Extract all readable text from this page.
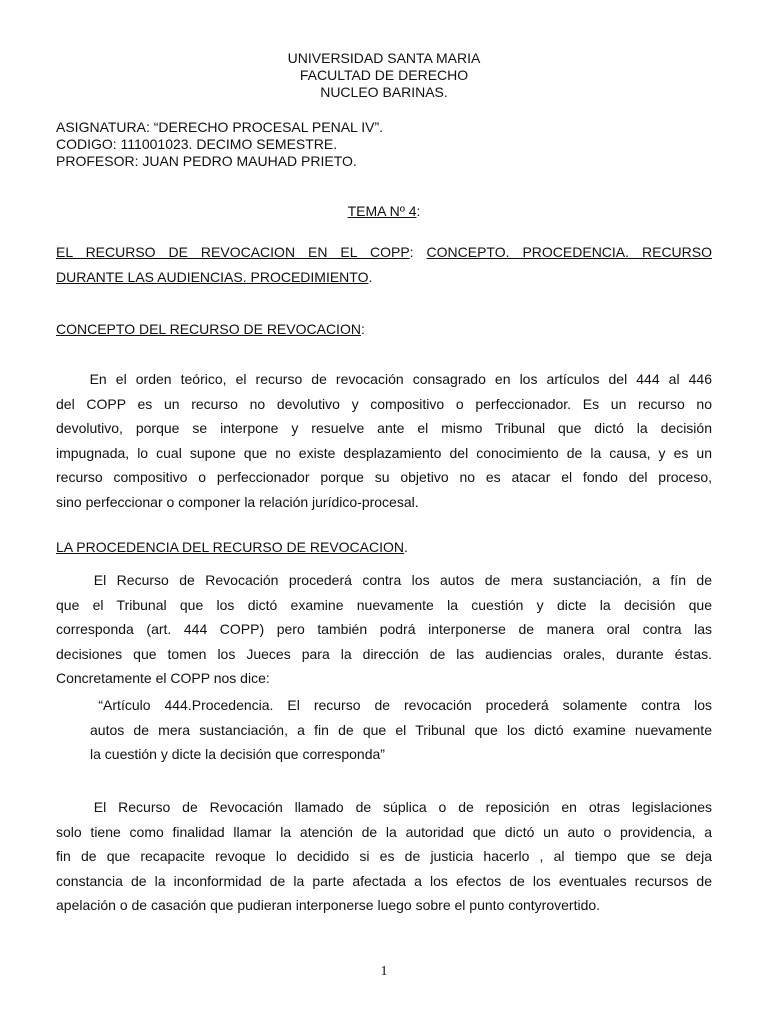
UNIVERSIDAD SANTA MARIA
FACULTAD DE DERECHO
NUCLEO BARINAS.
ASIGNATURA: “DERECHO PROCESAL PENAL IV”.
CODIGO: 111001023. DECIMO SEMESTRE.
PROFESOR: JUAN PEDRO MAUHAD PRIETO.
TEMA Nº 4:
EL RECURSO DE REVOCACION EN EL COPP: CONCEPTO. PROCEDENCIA. RECURSO
DURANTE LAS AUDIENCIAS. PROCEDIMIENTO.
CONCEPTO DEL RECURSO DE REVOCACION:
En el orden teórico, el recurso de revocación consagrado en los artículos del 444 al 446
del COPP es un recurso no devolutivo y compositivo o perfeccionador. Es un recurso no
devolutivo, porque se interpone y resuelve ante el mismo Tribunal que dictó la decisión
impugnada, lo cual supone que no existe desplazamiento del conocimiento de la causa, y es un
recurso compositivo o perfeccionador porque su objetivo no es atacar el fondo del proceso,
sino perfeccionar o componer la relación jurídico-procesal.
LA PROCEDENCIA DEL RECURSO DE REVOCACION.
El Recurso de Revocación procederá contra los autos de mera sustanciación, a fín de
que el Tribunal que los dictó examine nuevamente la cuestión y dicte la decisión que
corresponda (art. 444 COPP) pero también podrá interponerse de manera oral contra las
decisiones que tomen los Jueces para la dirección de las audiencias orales, durante éstas.
Concretamente el COPP nos dice:
“Artículo 444.Procedencia. El recurso de revocación procederá solamente contra los
autos de mera sustanciación, a fin de que el Tribunal que los dictó examine nuevamente
la cuestión y dicte la decisión que corresponda”
El Recurso de Revocación llamado de súplica o de reposición en otras legislaciones
solo tiene como finalidad llamar la atención de la autoridad que dictó un auto o providencia, a
fin de que recapacite revoque lo decidido si es de justicia hacerlo , al tiempo que se deja
constancia de la inconformidad de la parte afectada a los efectos de los eventuales recursos de
apelación o de casación que pudieran interponerse luego sobre el punto contyrovertido.
1
